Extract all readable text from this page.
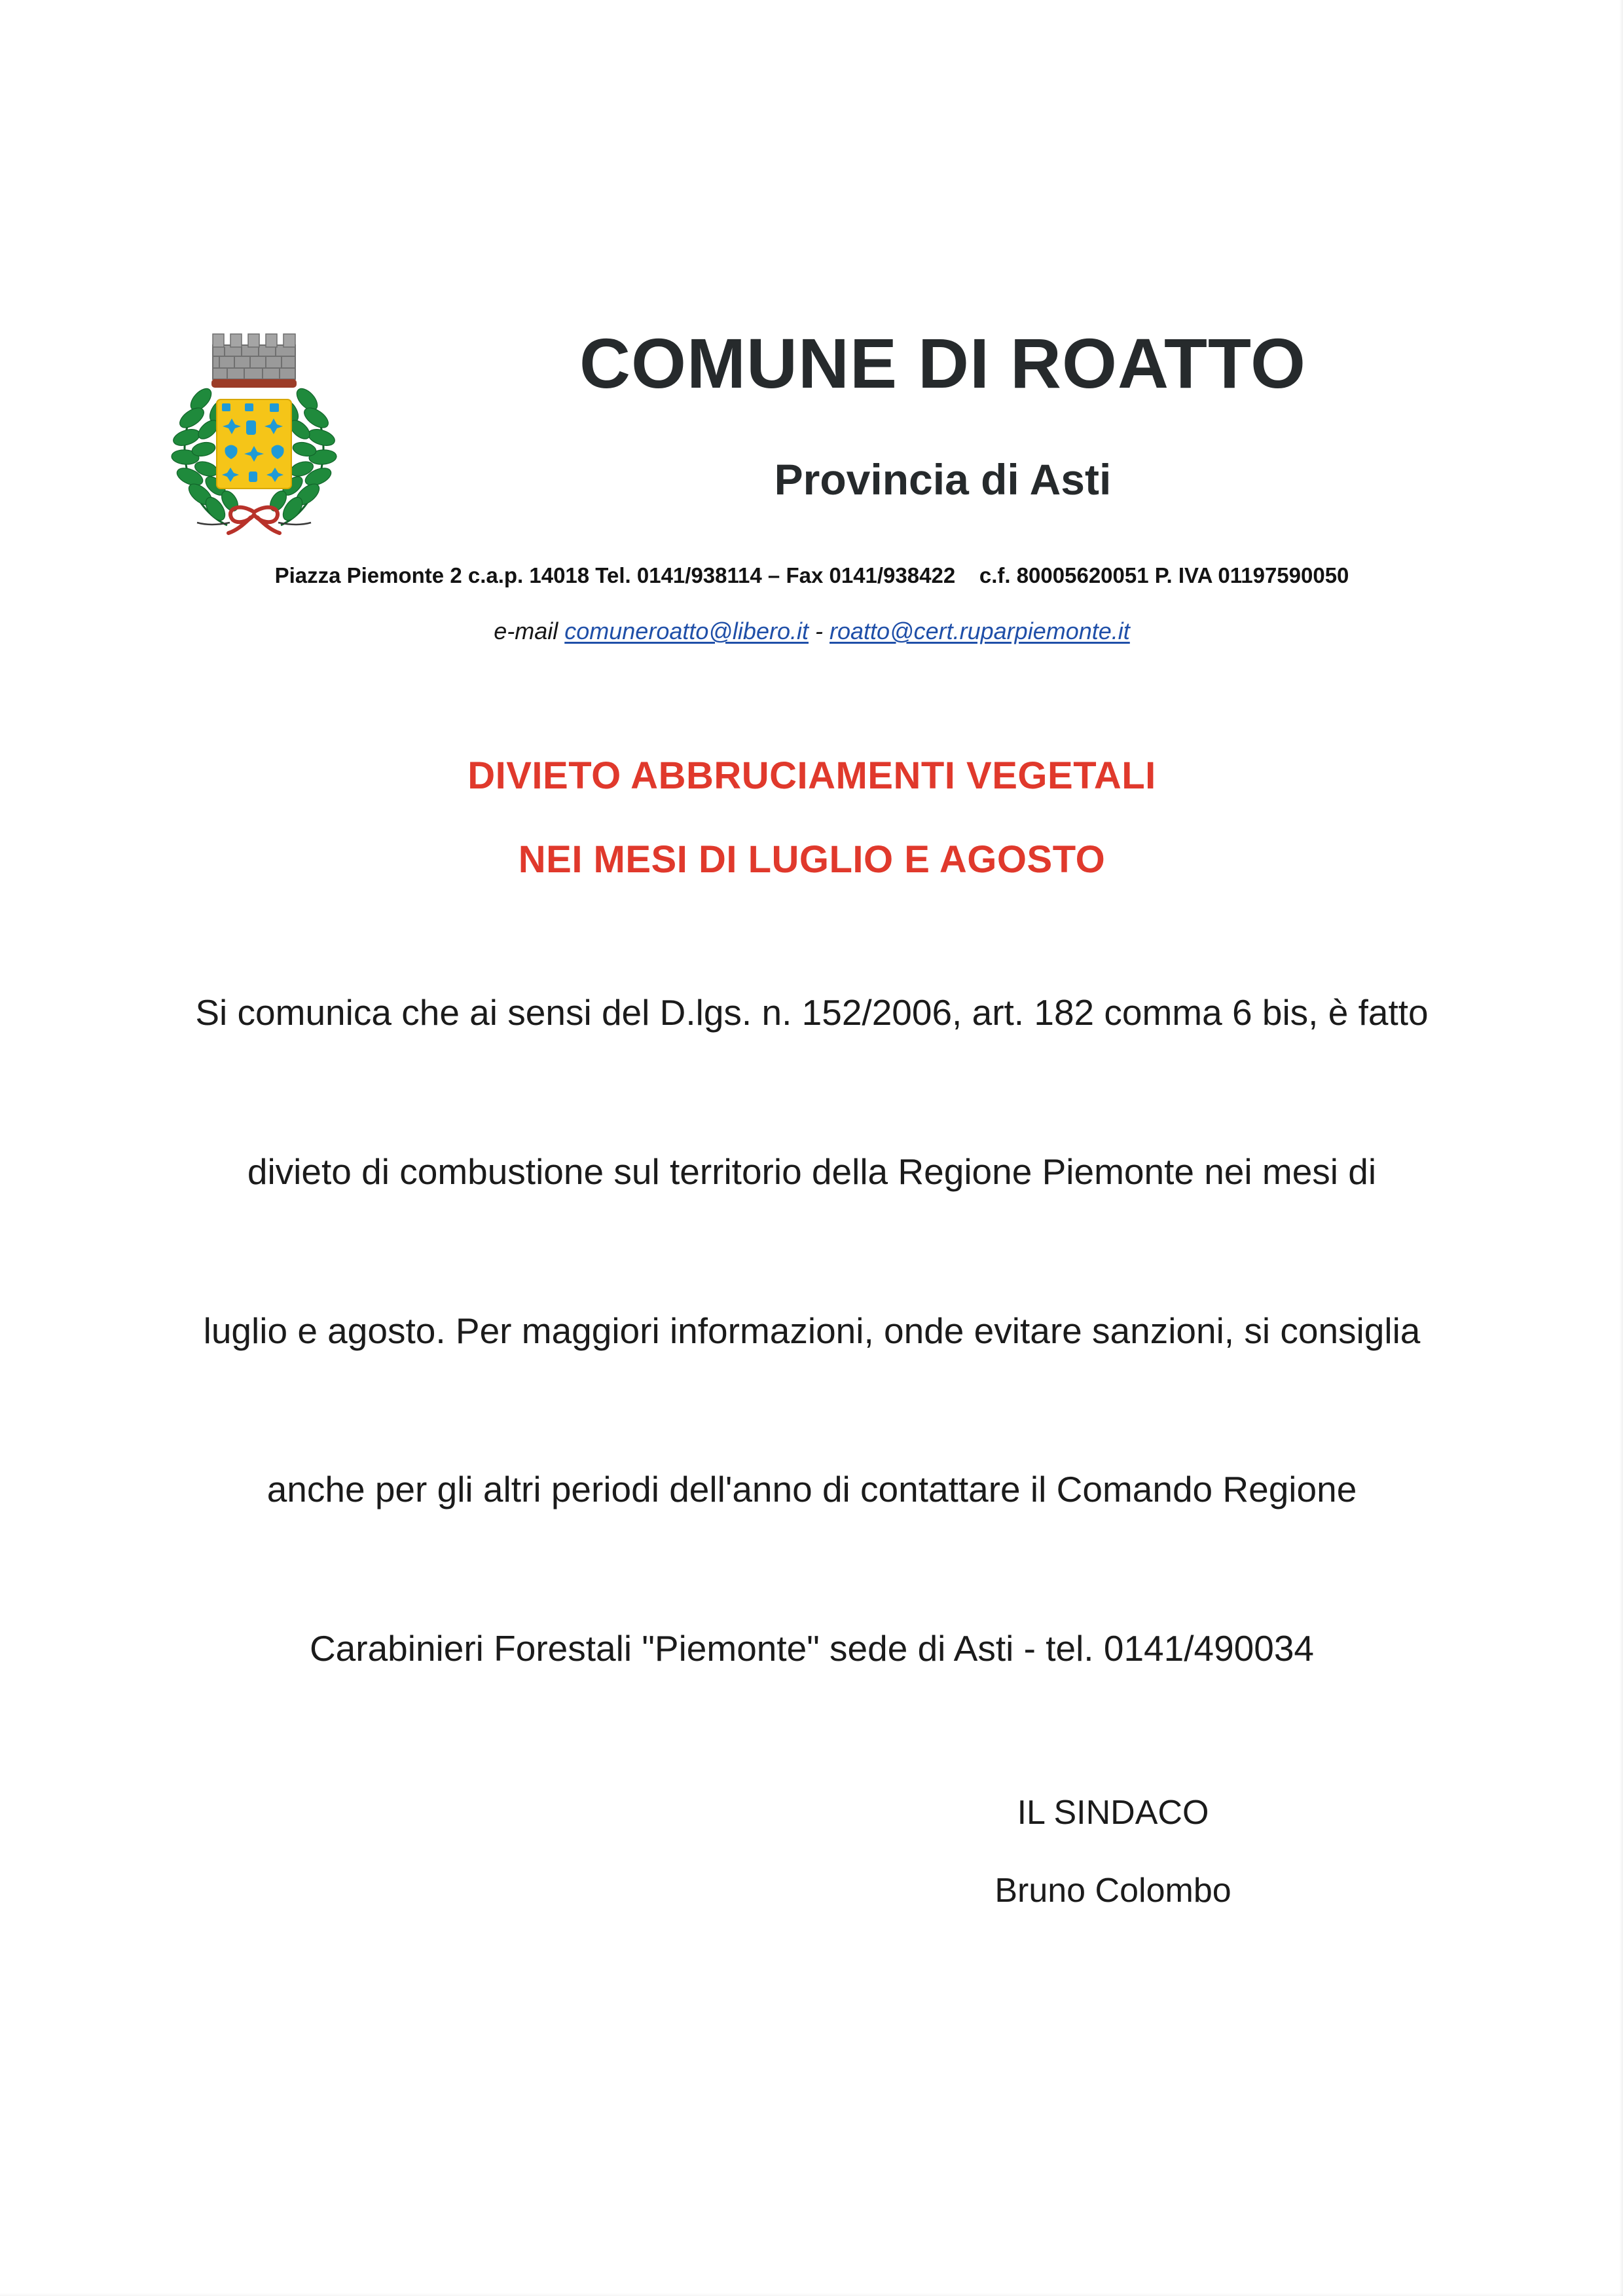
COMUNE DI ROATTO
Provincia di Asti
Piazza Piemonte 2 c.a.p. 14018 Tel. 0141/938114 – Fax 0141/938422    c.f. 80005620051 P. IVA 01197590050
e-mail comuneroatto@libero.it - roatto@cert.ruparpiemonte.it
DIVIETO ABBRUCIAMENTI VEGETALI
NEI MESI DI LUGLIO E AGOSTO

Si comunica che ai sensi del D.lgs. n. 152/2006, art. 182 comma 6 bis, è fatto

divieto di combustione sul territorio della Regione Piemonte nei mesi di

luglio e agosto. Per maggiori informazioni, onde evitare sanzioni, si consiglia

anche per gli altri periodi dell'anno di contattare il Comando Regione

Carabinieri Forestali "Piemonte" sede di Asti - tel. 0141/490034

IL SINDACO
Bruno Colombo
